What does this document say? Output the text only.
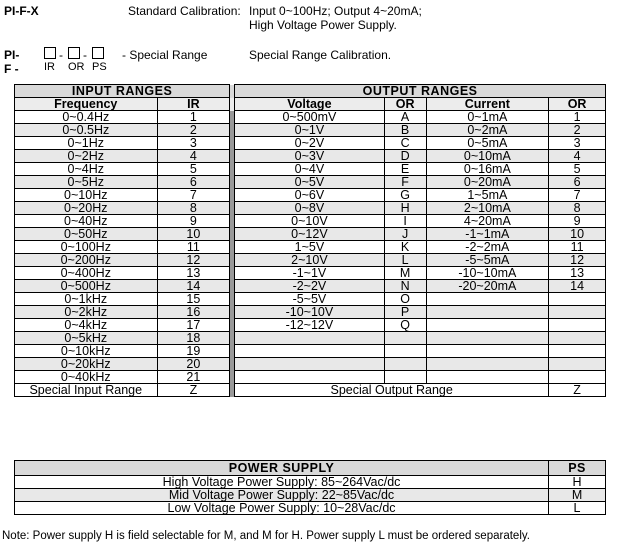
PI-F-X	Standard Calibration: Input 0~100Hz; Output 4~20mA;
High Voltage Power Supply.
PI-F -
- -
IR OR PS
- Special Range	Special Range Calibration.
INPUT RANGES			OUTPUT RANGES			
Frequency	IR		Voltage	OR	Current	OR
0~0.4Hz	1		0~500mV	A	0~1mA	1
0~0.5Hz	2		0~1V	B	0~2mA	2
0~1Hz	3		0~2V	C	0~5mA	3
0~2Hz	4		0~3V	D	0~10mA	4
0~4Hz	5		0~4V	E	0~16mA	5
0~5Hz	6		0~5V	F	0~20mA	6
0~10Hz	7		0~6V	G	1~5mA	7
0~20Hz	8		0~8V	H	2~10mA	8
0~40Hz	9		0~10V	I	4~20mA	9
0~50Hz	10		0~12V	J	-1~1mA	10
0~100Hz	11		1~5V	K	-2~2mA	11
0~200Hz	12		2~10V	L	-5~5mA	12
0~400Hz	13		-1~1V	M	-10~10mA	13
0~500Hz	14		-2~2V	N	-20~20mA	14
0~1kHz	15		-5~5V	O		
0~2kHz	16		-10~10V	P		
0~4kHz	17		-12~12V	Q		
0~5kHz	18					
0~10kHz	19					
0~20kHz	20					
0~40kHz	21					
Special Input Range	Z		Special Output Range			Z
POWER SUPPLY	PS
High Voltage Power Supply: 85~264Vac/dc	H
Mid Voltage Power Supply: 22~85Vac/dc	M
Low Voltage Power Supply: 10~28Vac/dc	L
Note: Power supply H is field selectable for M, and M for H. Power supply L must be ordered separately.
